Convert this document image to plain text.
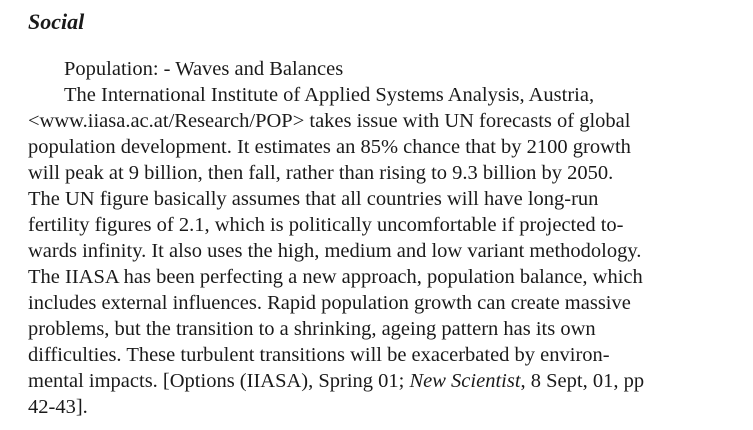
Social
Population: - Waves and Balances
The International Institute of Applied Systems Analysis, Austria,
<www.iiasa.ac.at/Research/POP> takes issue with UN forecasts of global
population development. It estimates an 85% chance that by 2100 growth
will peak at 9 billion, then fall, rather than rising to 9.3 billion by 2050.
The UN figure basically assumes that all countries will have long-run
fertility figures of 2.1, which is politically uncomfortable if projected to-
wards infinity. It also uses the high, medium and low variant methodology.
The IIASA has been perfecting a new approach, population balance, which
includes external influences. Rapid population growth can create massive
problems, but the transition to a shrinking, ageing pattern has its own
difficulties. These turbulent transitions will be exacerbated by environ-
mental impacts. [Options (IIASA), Spring 01; New Scientist, 8 Sept, 01, pp
42-43].
